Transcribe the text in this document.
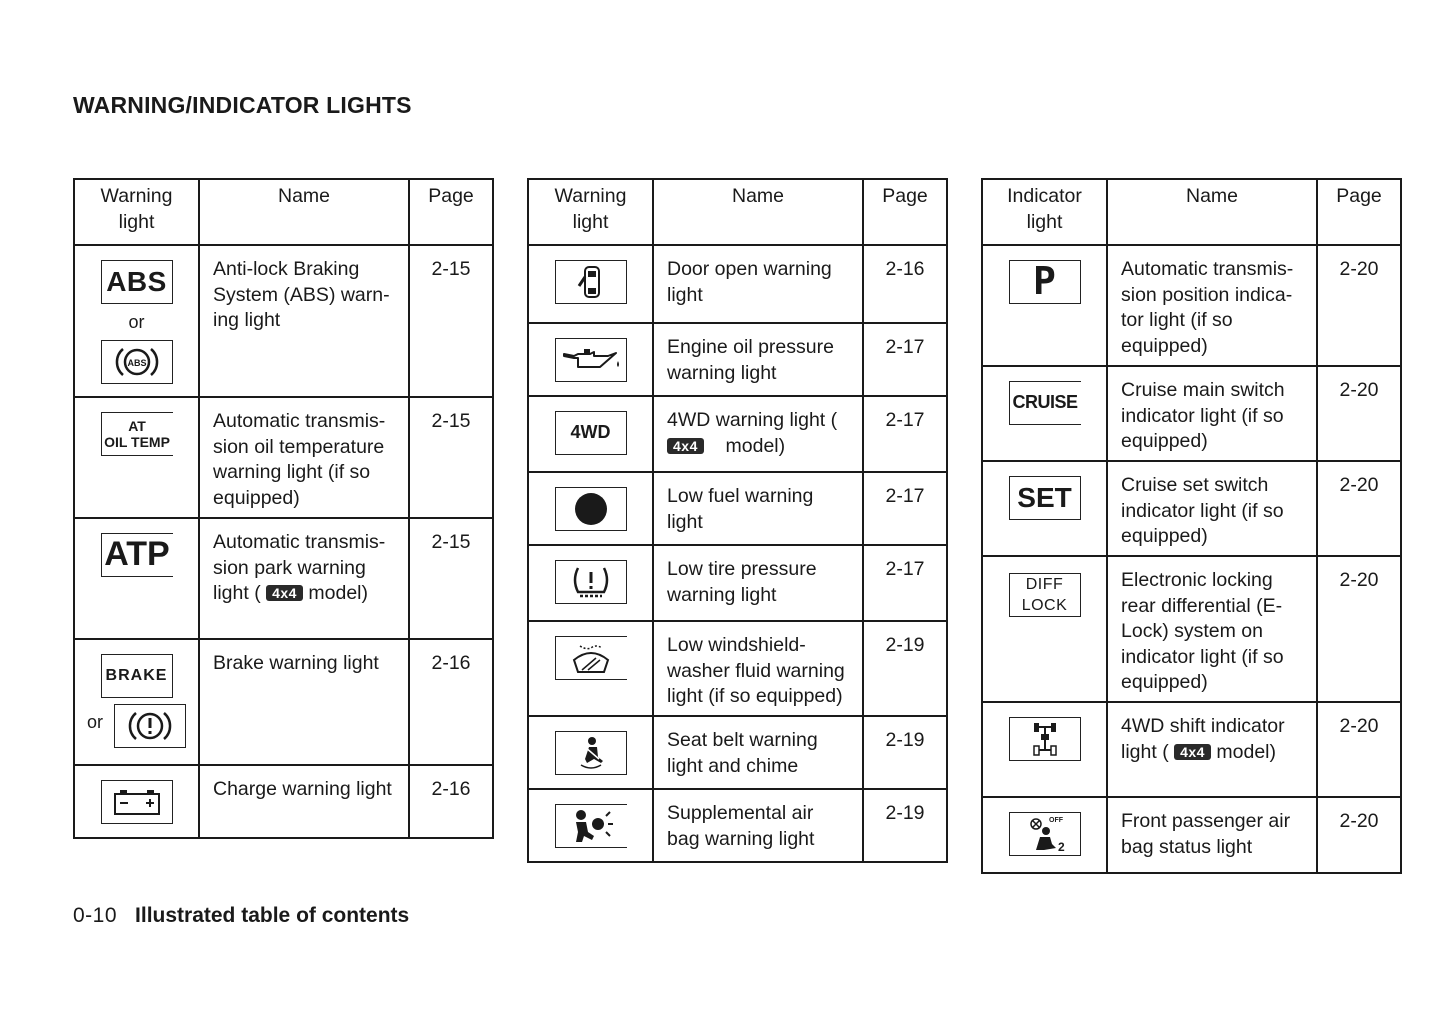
WARNING/INDICATOR LIGHTS
Warning light	Name	Page
ABS
or
ABS	Anti-lock Braking System (ABS) warn-ing light	2-15

AT
OIL TEMP	Automatic transmis-sion oil temperature warning light (if so equipped)	2-15
ATP	Automatic transmis-sion park warning light ( 4x4 model)	2-15
BRAKE
or	Brake warning light	2-16

	Charge warning light	2-16
Warning light	Name	Page

	Door open warning light	2-16

	Engine oil pressure warning light	2-17
4WD	4WD warning light ( 4x4 model)	2-17

	Low fuel warning light	2-17

	Low tire pressure warning light	2-17

	Low windshield-washer fluid warning light (if so equipped)	2-19

	Seat belt warning light and chime	2-19

	Supplemental air bag warning light	2-19
Indicator light	Name	Page
P	Automatic transmis-sion position indica-tor light (if so equipped)	2-20
CRUISE	Cruise main switch indicator light (if so equipped)	2-20
SET	Cruise set switch indicator light (if so equipped)	2-20

DIFF
LOCK	Electronic locking rear differential (E-Lock) system on indicator light (if so equipped)	2-20

	4WD shift indicator light ( 4x4 model)	2-20

OFF
2	Front passenger air bag status light	2-20
0-10 Illustrated table of contents
